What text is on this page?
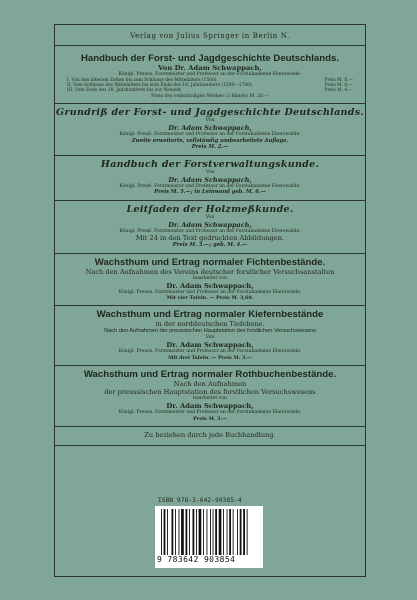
Verlag von Julius Springer in Berlin N.
Handbuch der Forst- und Jagdgeschichte Deutschlands.
Von Dr. Adam Schwappach,
Königl. Preuss. Forstmeister und Professor an der Forstakademie Eberswalde.
I. Von den ältesten Zeiten bis zum Schlusse des Mittelalters (1500).	Preis M. 8.—
II. Vom Schlusse des Mittelalters bis zum Ende des 18. Jahrhunderts (1500—1780).	Preis M. 8.—
III. Vom Ende des 18. Jahrhunderts bis zur Neuzeit.	Preis M. 4.—
Preis des vollständigen Werkes (3 Bände) M. 20.—
Grundriß der Forst- und Jagdgeschichte Deutschlands.
Von
Dr. Adam Schwappach,
Königl. Preuß. Forstmeister und Professor an der Forstakademie Eberswalde.
Zweite erweiterte, vollständig umbearbeitete Auflage.
Preis M. 2.—
Handbuch der Forstverwaltungskunde.
Von
Dr. Adam Schwappach,
Königl. Preuß. Forstmeister und Professor an der Forstakademie Eberswalde.
Preis M. 5.—; in Leinwand geb. M. 6.—
Leitfaden der Holzmeßkunde.
Von
Dr. Adam Schwappach,
Königl. Preuß. Forstmeister und Professor an der Forstakademie Eberswalde.
Mit 24 in den Text gedruckten Abbildungen.
Preis M. 3.—; geb. M. 4.—
Wachsthum und Ertrag normaler Fichtenbestände.
Nach den Aufnahmen des Vereins deutscher forstlicher Versuchsanstalten
bearbeitet von
Dr. Adam Schwappach,
Königl. Preuss. Forstmeister und Professor an der Forstakademie Eberswalde.
Mit vier Tafeln. — Preis M. 3,60.
Wachsthum und Ertrag normaler Kiefernbestände
in der norddeutschen Tiefebene.
Nach den Aufnahmen der preussischen Hauptstation des forstlichen Versuchswesens
Von
Dr. Adam Schwappach,
Königl. Preuss. Forstmeister und Professor an der Forstakademie Eberswalde.
Mit drei Tafeln. — Preis M. 3.—
Wachsthum und Ertrag normaler Rothbuchenbestände.
Nach den Aufnahmen
der preussischen Hauptstation des forstlichen Versuchswesens
bearbeitet von
Dr. Adam Schwappach,
Königl. Preuss. Forstmeister und Professor an der Forstakademie Eberswalde.
Preis M. 3.—
Zu beziehen durch jede Buchhandlung.
ISBN 978-3-642-90385-4
9 783642 903854
